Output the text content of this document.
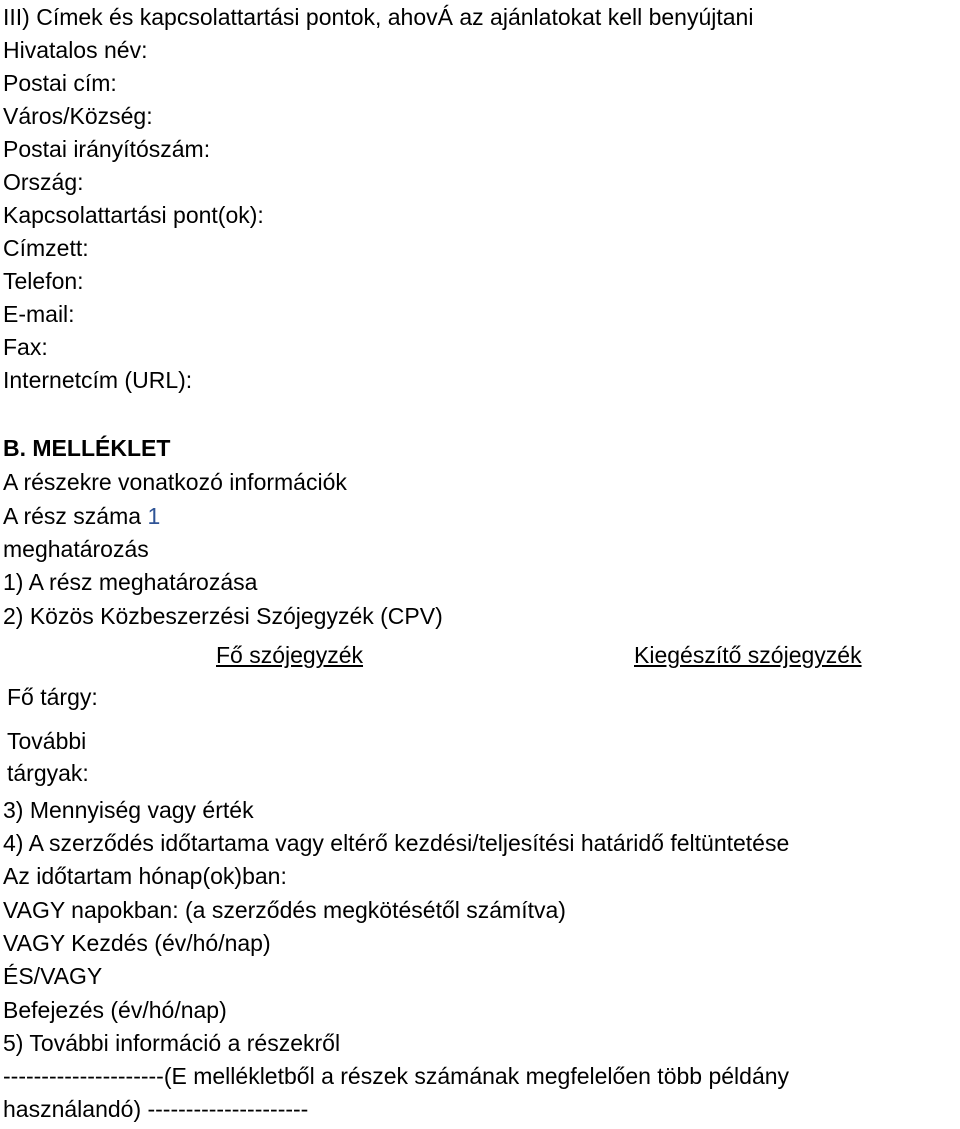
III) Címek és kapcsolattartási pontok, ahovÁ az ajánlatokat kell benyújtani
Hivatalos név:
Postai cím:
Város/Község:
Postai irányítószám:
Ország:
Kapcsolattartási pont(ok):
Címzett:
Telefon:
E-mail:
Fax:
Internetcím (URL):
B. MELLÉKLET
A részekre vonatkozó információk
A rész száma 1
meghatározás
1) A rész meghatározása
2) Közös Közbeszerzési Szójegyzék (CPV)
Fő szójegyzék	Kiegészítő szójegyzék
Fő tárgy:
További
tárgyak:
3) Mennyiség vagy érték
4) A szerződés időtartama vagy eltérő kezdési/teljesítési határidő feltüntetése
Az időtartam hónap(ok)ban:
VAGY napokban: (a szerződés megkötésétől számítva)
VAGY Kezdés (év/hó/nap)
ÉS/VAGY
Befejezés (év/hó/nap)
5) További információ a részekről
---------------------(E mellékletből a részek számának megfelelően több példány
használandó) ---------------------
